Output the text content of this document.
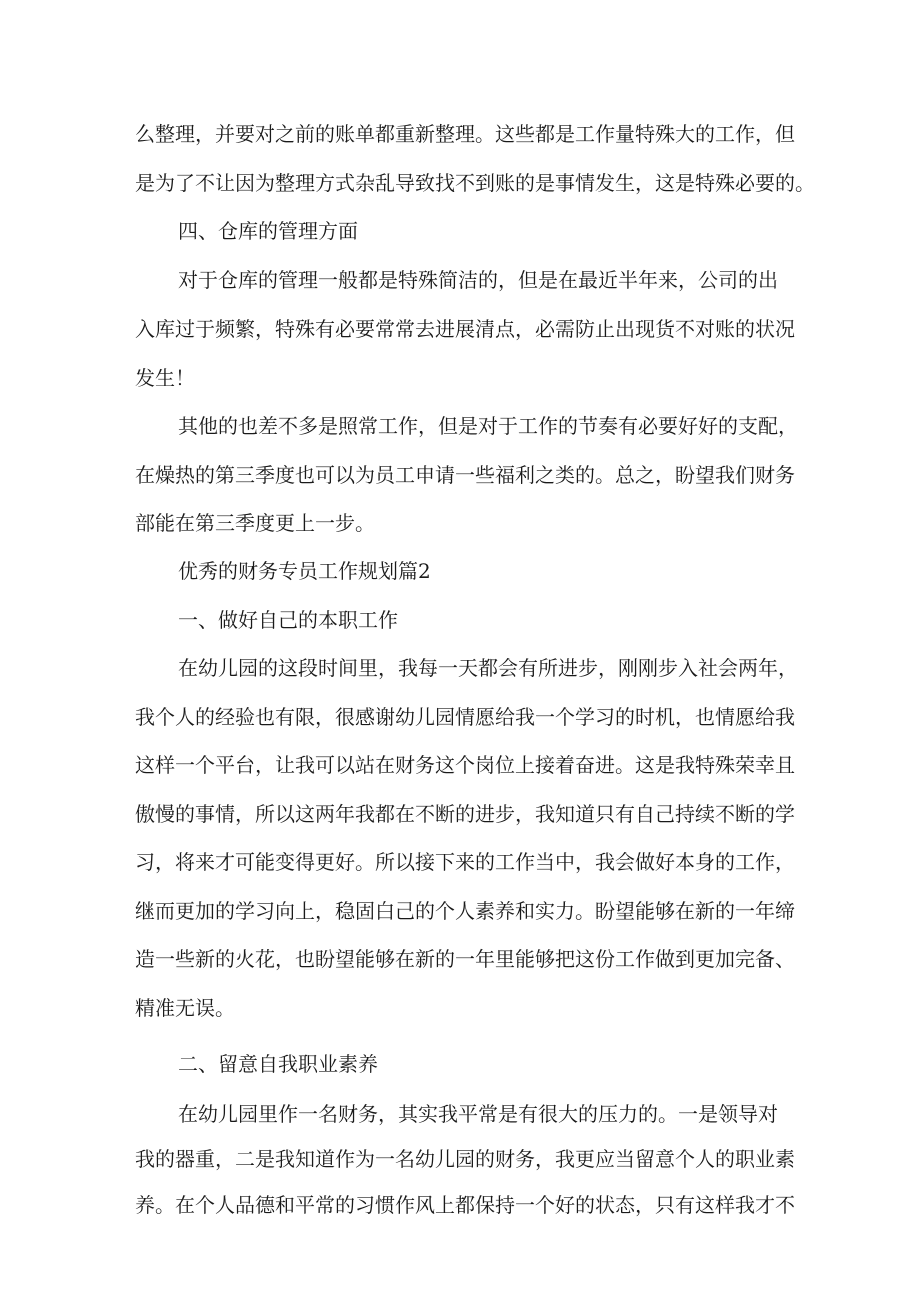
么整理，并要对之前的账单都重新整理。这些都是工作量特殊大的工作，但

是为了不让因为整理方式杂乱导致找不到账的是事情发生，这是特殊必要的。

四、仓库的管理方面

对于仓库的管理一般都是特殊简洁的，但是在最近半年来，公司的出

入库过于频繁，特殊有必要常常去进展清点，必需防止出现货不对账的状况

发生！

其他的也差不多是照常工作，但是对于工作的节奏有必要好好的支配，

在燥热的第三季度也可以为员工申请一些福利之类的。总之，盼望我们财务

部能在第三季度更上一步。

优秀的财务专员工作规划篇2

一、做好自己的本职工作

在幼儿园的这段时间里，我每一天都会有所进步，刚刚步入社会两年，

我个人的经验也有限，很感谢幼儿园情愿给我一个学习的时机，也情愿给我

这样一个平台，让我可以站在财务这个岗位上接着奋进。这是我特殊荣幸且

傲慢的事情，所以这两年我都在不断的进步，我知道只有自己持续不断的学

习，将来才可能变得更好。所以接下来的工作当中，我会做好本身的工作，

继而更加的学习向上，稳固白己的个人素养和实力。盼望能够在新的一年缔

造一些新的火花，也盼望能够在新的一年里能够把这份工作做到更加完备、

精准无误。

二、留意自我职业素养

在幼儿园里作一名财务，其实我平常是有很大的压力的。一是领导对

我的器重，二是我知道作为一名幼儿园的财务，我更应当留意个人的职业素

养。在个人品德和平常的习惯作风上都保持一个好的状态，只有这样我才不
